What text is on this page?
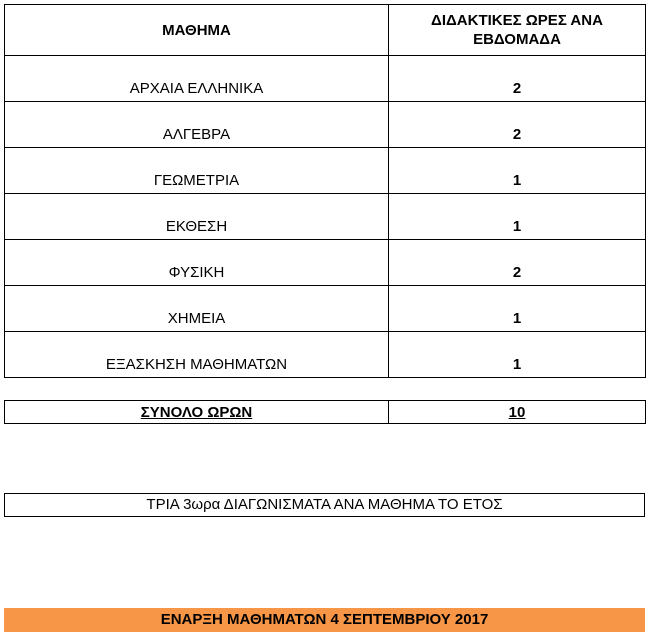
ΜΑΘΗΜΑ	ΔΙΔΑΚΤΙΚΕΣ ΩΡΕΣ ΑΝΑ
ΕΒΔΟΜΑΔΑ
ΑΡΧΑΙΑ ΕΛΛΗΝΙΚΑ	2
ΑΛΓΕΒΡΑ	2
ΓΕΩΜΕΤΡΙΑ	1
ΕΚΘΕΣΗ	1
ΦΥΣΙΚΗ	2
ΧΗΜΕΙΑ	1
ΕΞΑΣΚΗΣΗ ΜΑΘΗΜΑΤΩΝ	1
ΣΥΝΟΛΟ ΩΡΩΝ	10
ΤΡΙΑ 3ωρα ΔΙΑΓΩΝΙΣΜΑΤΑ ΑΝΑ ΜΑΘΗΜΑ ΤΟ ΕΤΟΣ
ΕΝΑΡΞΗ ΜΑΘΗΜΑΤΩΝ 4 ΣΕΠΤΕΜΒΡΙΟΥ 2017
